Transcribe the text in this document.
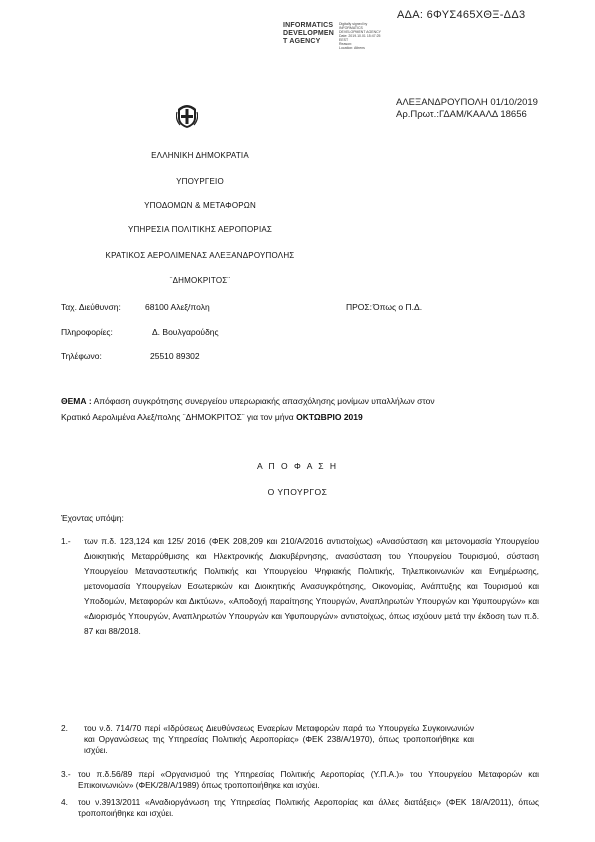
ΑΔΑ: 6ΦΥΣ465ΧΘΞ-ΔΔ3
INFORMATICS
DEVELOPMEN
T AGENCY
Digitally signed by
INFORMATICS
DEVELOPMENT AGENCY
Date: 2019.10.01 15:47:25
EEST
Reason:
Location: Athens
ΑΛΕΞΑΝΔΡΟΥΠΟΛΗ 01/10/2019
Αρ.Πρωτ.:ΓΔΑΜ/ΚΑΑΛΔ 18656
ΕΛΛΗΝΙΚΗ ΔΗΜΟΚΡΑΤΙΑ
ΥΠΟΥΡΓΕΙΟ
ΥΠΟΔΟΜΩΝ & ΜΕΤΑΦΟΡΩΝ
ΥΠΗΡΕΣΙΑ ΠΟΛΙΤΙΚΗΣ ΑΕΡΟΠΟΡΙΑΣ
ΚΡΑΤΙΚΟΣ ΑΕΡΟΛΙΜΕΝΑΣ ΑΛΕΞΑΝΔΡΟΥΠΟΛΗΣ
¨ΔΗΜΟΚΡΙΤΟΣ¨
Ταχ. Διεύθυνση:	68100 Αλεξ/πολη	ΠΡΟΣ: Όπως ο Π.Δ.
Πληροφορίες:	Δ. Βουλγαρούδης
Τηλέφωνο:	25510 89302
ΘΕΜΑ : Απόφαση συγκρότησης συνεργείου υπερωριακής απασχόλησης μονίμων υπαλλήλων στον
Κρατικό Αερολιμένα Αλεξ/πολης ¨ΔΗΜΟΚΡΙΤΟΣ¨ για τον μήνα ΟΚΤΩΒΡΙΟ 2019
Α Π Ο Φ Α Σ Η
Ο ΥΠΟΥΡΓΟΣ
Έχοντας υπόψη:
1.-	των π.δ. 123,124 και 125/ 2016 (ΦΕΚ 208,209 και 210/Α/2016 αντιστοίχως) «Ανασύσταση και μετονομασία Υπουργείου Διοικητικής Μεταρρύθμισης και Ηλεκτρονικής Διακυβέρνησης, ανασύσταση του Υπουργείου Τουρισμού, σύσταση Υπουργείου Μεταναστευτικής Πολιτικής και Υπουργείου Ψηφιακής Πολιτικής, Τηλεπικοινωνιών και Ενημέρωσης, μετονομασία Υπουργείων Εσωτερικών και Διοικητικής Ανασυγκρότησης, Οικονομίας, Ανάπτυξης και Τουρισμού και Υποδομών, Μεταφορών και Δικτύων», «Αποδοχή παραίτησης Υπουργών, Αναπληρωτών Υπουργών και Υφυπουργών» και «Διορισμός Υπουργών, Αναπληρωτών Υπουργών και Υφυπουργών» αντιστοίχως, όπως ισχύουν μετά την έκδοση των π.δ. 87 και 88/2018.
2.	του ν.δ. 714/70 περί «Ιδρύσεως Διευθύνσεως Εναερίων Μεταφορών παρά τω Υπουργείω Συγκοινωνιών και Οργανώσεως της Υπηρεσίας Πολιτικής Αεροπορίας» (ΦΕΚ 238/Α/1970), όπως τροποποιήθηκε και ισχύει.
3.- του π.δ.56/89 περί «Οργανισμού της Υπηρεσίας Πολιτικής Αεροπορίας (Υ.Π.Α.)» του Υπουργείου Μεταφορών και Επικοινωνιών» (ΦΕΚ/28/Α/1989) όπως τροποποιήθηκε και ισχύει.
4.	του ν.3913/2011 «Αναδιοργάνωση της Υπηρεσίας Πολιτικής Αεροπορίας και άλλες διατάξεις» (ΦΕΚ 18/Α/2011), όπως τροποποιήθηκε και ισχύει.
